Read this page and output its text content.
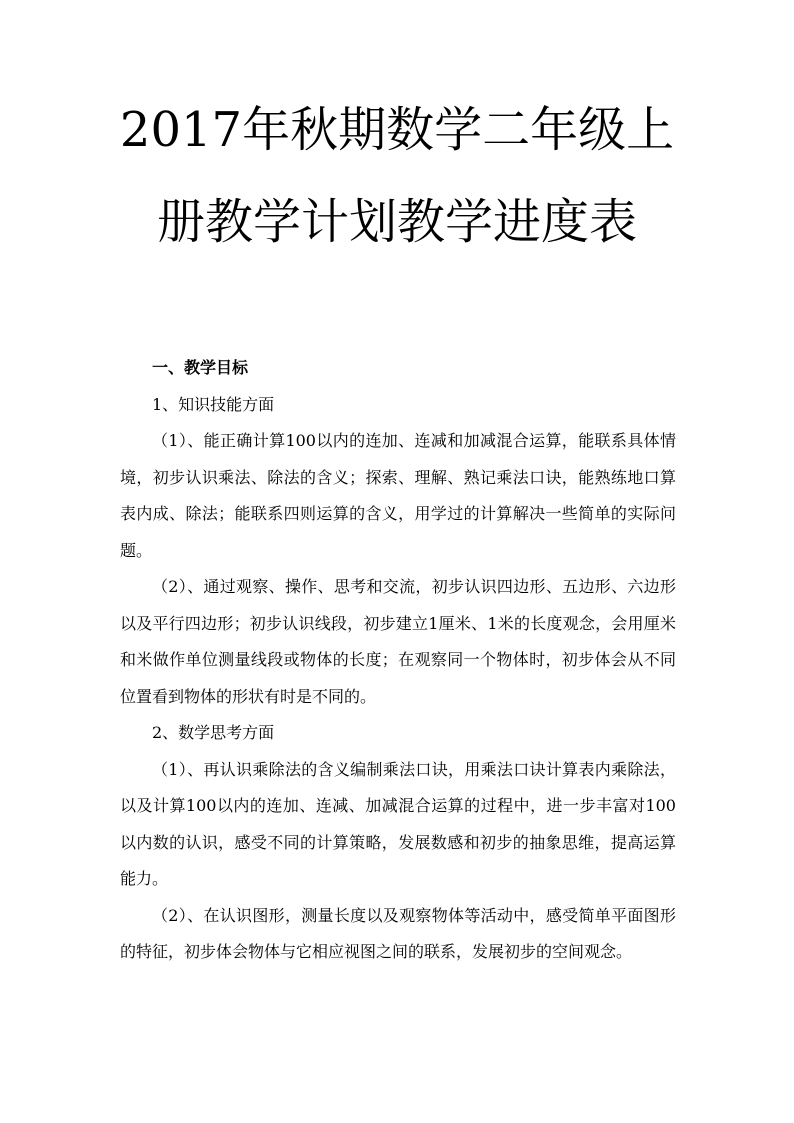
2017年秋期数学二年级上
册教学计划教学进度表

一、教学目标

1、知识技能方面

（1）、能正确计算100以内的连加、连减和加减混合运算，能联系具体情境，初步认识乘法、除法的含义；探索、理解、熟记乘法口诀，能熟练地口算表内成、除法；能联系四则运算的含义，用学过的计算解决一些简单的实际问题。

（2）、通过观察、操作、思考和交流，初步认识四边形、五边形、六边形以及平行四边形；初步认识线段，初步建立1厘米、1米的长度观念，会用厘米和米做作单位测量线段或物体的长度；在观察同一个物体时，初步体会从不同位置看到物体的形状有时是不同的。

2、数学思考方面

（1）、再认识乘除法的含义编制乘法口诀，用乘法口诀计算表内乘除法，以及计算100以内的连加、连减、加减混合运算的过程中，进一步丰富对100以内数的认识，感受不同的计算策略，发展数感和初步的抽象思维，提高运算能力。

（2）、在认识图形，测量长度以及观察物体等活动中，感受简单平面图形的特征，初步体会物体与它相应视图之间的联系，发展初步的空间观念。
